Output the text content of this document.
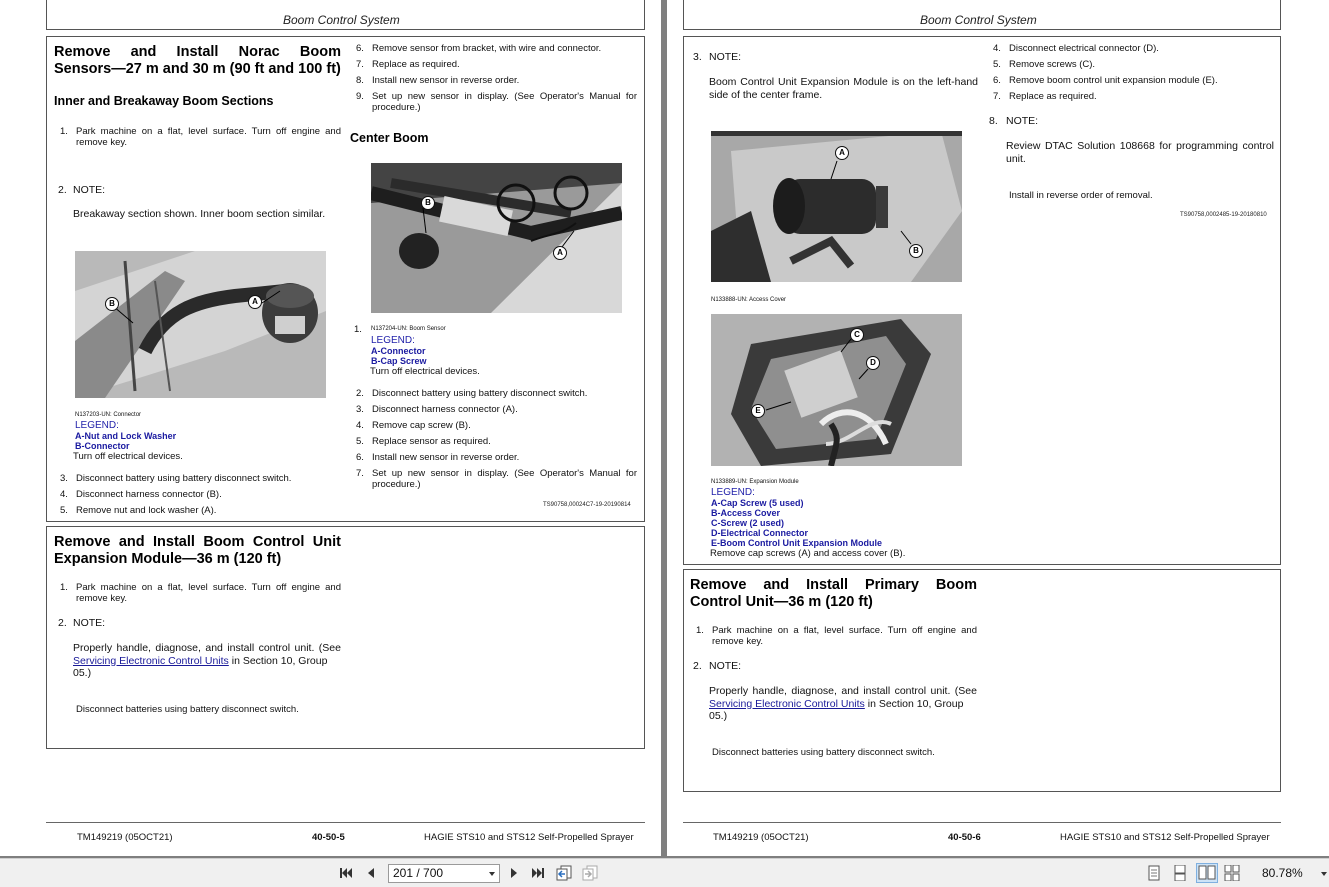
Boom Control System
Remove and Install Norac Boom
Sensors—27 m and 30 m (90 ft and 100 ft)
Inner and Breakaway Boom Sections
1. Park machine on a flat, level surface. Turn off engine and
remove key.
2. NOTE:
Breakaway section shown. Inner boom section similar.
B	A
N137203-UN: Connector
LEGEND:
A-Nut and Lock Washer
B-Connector
Turn off electrical devices.
3. Disconnect battery using battery disconnect switch.
4. Disconnect harness connector (B).
5. Remove nut and lock washer (A).
6. Remove sensor from bracket, with wire and connector.
7. Replace as required.
8. Install new sensor in reverse order.
9. Set up new sensor in display. (See Operator's Manual for
procedure.)
Center Boom
B
A
1. N137204-UN: Boom Sensor
LEGEND:
A-Connector
B-Cap Screw
Turn off electrical devices.
2. Disconnect battery using battery disconnect switch.
3. Disconnect harness connector (A).
4. Remove cap screw (B).
5. Replace sensor as required.
6. Install new sensor in reverse order.
7. Set up new sensor in display. (See Operator's Manual for
procedure.)
TS90758,00024C7-19-20190814
Remove and Install Boom Control Unit
Expansion Module—36 m (120 ft)
1. Park machine on a flat, level surface. Turn off engine and
remove key.
2. NOTE:
Properly handle, diagnose, and install control unit. (See
Servicing Electronic Control Units in Section 10, Group
05.)
Disconnect batteries using battery disconnect switch.
TM149219 (05OCT21)	40-50-5	HAGIE STS10 and STS12 Self-Propelled Sprayer
Boom Control System
3. NOTE:
Boom Control Unit Expansion Module is on the left-hand
side of the center frame.
A
B
N133888-UN: Access Cover
C
D
E
N133889-UN: Expansion Module
LEGEND:
A-Cap Screw (5 used)
B-Access Cover
C-Screw (2 used)
D-Electrical Connector
E-Boom Control Unit Expansion Module
Remove cap screws (A) and access cover (B).
4. Disconnect electrical connector (D).
5. Remove screws (C).
6. Remove boom control unit expansion module (E).
7. Replace as required.
8. NOTE:
Review DTAC Solution 108668 for programming control
unit.
Install in reverse order of removal.
TS90758,0002485-19-20180810
Remove and Install Primary Boom
Control Unit—36 m (120 ft)
1. Park machine on a flat, level surface. Turn off engine and
remove key.
2. NOTE:
Properly handle, diagnose, and install control unit. (See
Servicing Electronic Control Units in Section 10, Group
05.)
Disconnect batteries using battery disconnect switch.
TM149219 (05OCT21)	40-50-6	HAGIE STS10 and STS12 Self-Propelled Sprayer
201 / 700	80.78%
